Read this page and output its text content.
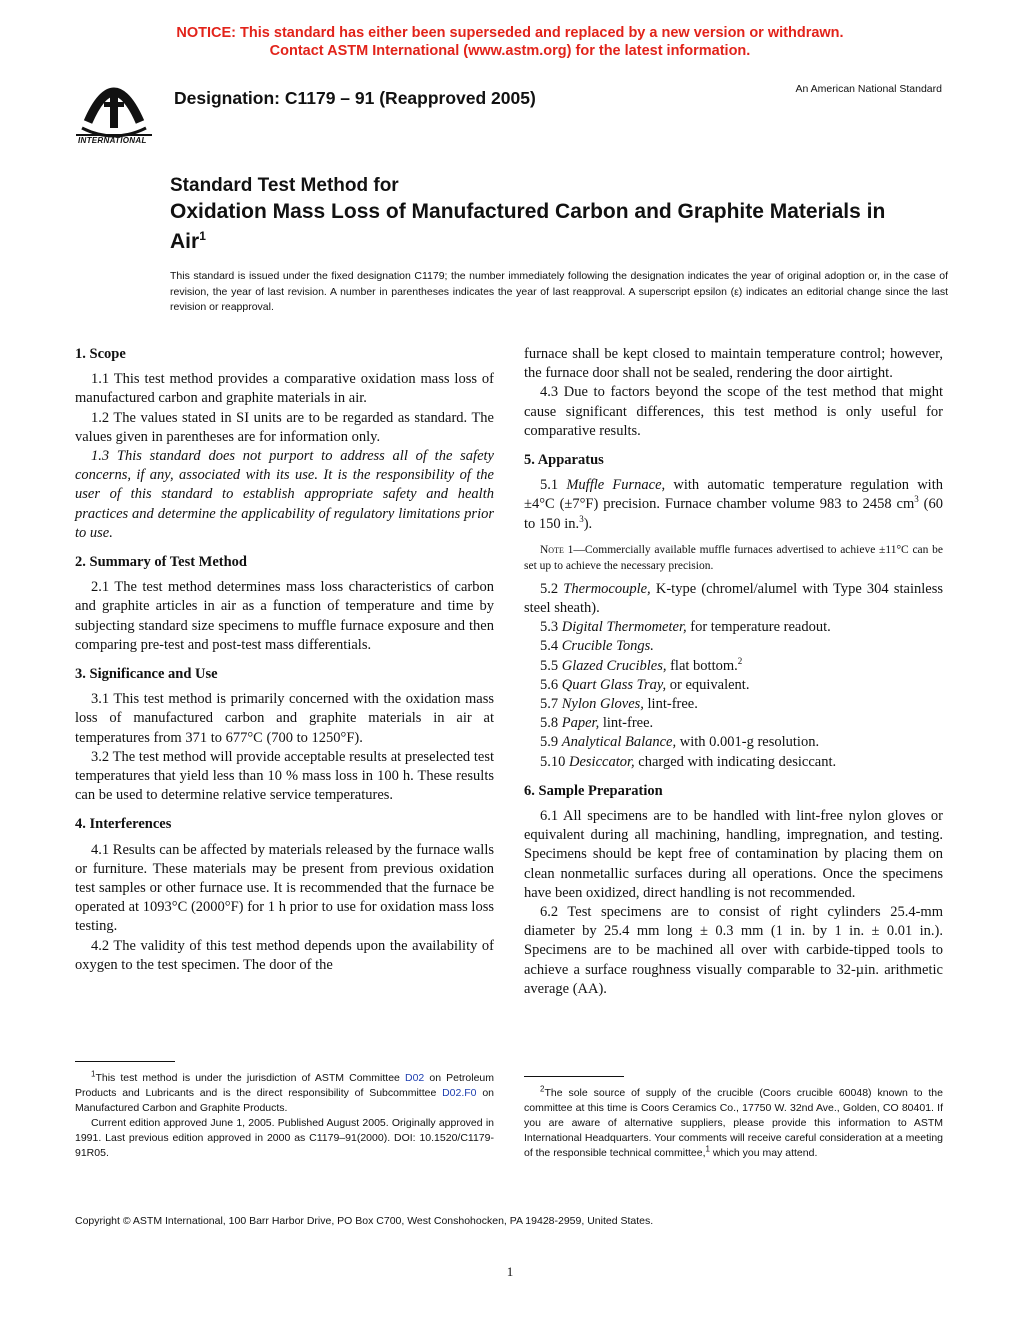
NOTICE: This standard has either been superseded and replaced by a new version or withdrawn.
Contact ASTM International (www.astm.org) for the latest information.
INTERNATIONAL
Designation: C1179 – 91 (Reapproved 2005)	An American National Standard
Standard Test Method for
Oxidation Mass Loss of Manufactured Carbon and Graphite Materials in Air$^1$
This standard is issued under the fixed designation C1179; the number immediately following the designation indicates the year of original adoption or, in the case of revision, the year of last revision. A number in parentheses indicates the year of last reapproval. A superscript epsilon (ε) indicates an editorial change since the last revision or reapproval.
1. Scope

1.1 This test method provides a comparative oxidation mass loss of manufactured carbon and graphite materials in air.

1.2 The values stated in SI units are to be regarded as standard. The values given in parentheses are for information only.

1.3 This standard does not purport to address all of the safety concerns, if any, associated with its use. It is the responsibility of the user of this standard to establish appropriate safety and health practices and determine the applicability of regulatory limitations prior to use.

2. Summary of Test Method

2.1 The test method determines mass loss characteristics of carbon and graphite articles in air as a function of temperature and time by subjecting standard size specimens to muffle furnace exposure and then comparing pre-test and post-test mass differentials.

3. Significance and Use

3.1 This test method is primarily concerned with the oxidation mass loss of manufactured carbon and graphite materials in air at temperatures from 371 to 677°C (700 to 1250°F).

3.2 The test method will provide acceptable results at preselected test temperatures that yield less than 10 % mass loss in 100 h. These results can be used to determine relative service temperatures.

4. Interferences

4.1 Results can be affected by materials released by the furnace walls or furniture. These materials may be present from previous oxidation test samples or other furnace use. It is recommended that the furnace be operated at 1093°C (2000°F) for 1 h prior to use for oxidation mass loss testing.

4.2 The validity of this test method depends upon the availability of oxygen to the test specimen. The door of the

furnace shall be kept closed to maintain temperature control; however, the furnace door shall not be sealed, rendering the door airtight.

4.3 Due to factors beyond the scope of the test method that might cause significant differences, this test method is only useful for comparative results.

5. Apparatus

5.1 Muffle Furnace, with automatic temperature regulation with ±4°C (±7°F) precision. Furnace chamber volume 983 to 2458 $cm^3$ (60 to 150 in.$^3$).

Note 1—Commercially available muffle furnaces advertised to achieve ±11°C can be set up to achieve the necessary precision.

5.2 Thermocouple, K-type (chromel/alumel with Type 304 stainless steel sheath).

5.3 Digital Thermometer, for temperature readout.

5.4 Crucible Tongs.

5.5 Glazed Crucibles, flat bottom.$^2$

5.6 Quart Glass Tray, or equivalent.

5.7 Nylon Gloves, lint-free.

5.8 Paper, lint-free.

5.9 Analytical Balance, with 0.001-g resolution.

5.10 Desiccator, charged with indicating desiccant.

6. Sample Preparation

6.1 All specimens are to be handled with lint-free nylon gloves or equivalent during all machining, handling, impregnation, and testing. Specimens should be kept free of contamination by placing them on clean nonmetallic surfaces during all operations. Once the specimens have been oxidized, direct handling is not recommended.

6.2 Test specimens are to consist of right cylinders 25.4-mm diameter by 25.4 mm long ± 0.3 mm (1 in. by 1 in. ± 0.01 in.). Specimens are to be machined all over with carbide-tipped tools to achieve a surface roughness visually comparable to 32-µin. arithmetic average (AA).

$^1$This test method is under the jurisdiction of ASTM Committee D02 on Petroleum Products and Lubricants and is the direct responsibility of Subcommittee D02.F0 on Manufactured Carbon and Graphite Products.

Current edition approved June 1, 2005. Published August 2005. Originally approved in 1991. Last previous edition approved in 2000 as C1179–91(2000). DOI: 10.1520/C1179-91R05.

$^2$The sole source of supply of the crucible (Coors crucible 60048) known to the committee at this time is Coors Ceramics Co., 17750 W. 32nd Ave., Golden, CO 80401. If you are aware of alternative suppliers, please provide this information to ASTM International Headquarters. Your comments will receive careful consideration at a meeting of the responsible technical committee,$^1$ which you may attend.

Copyright © ASTM International, 100 Barr Harbor Drive, PO Box C700, West Conshohocken, PA 19428-2959, United States.
1
